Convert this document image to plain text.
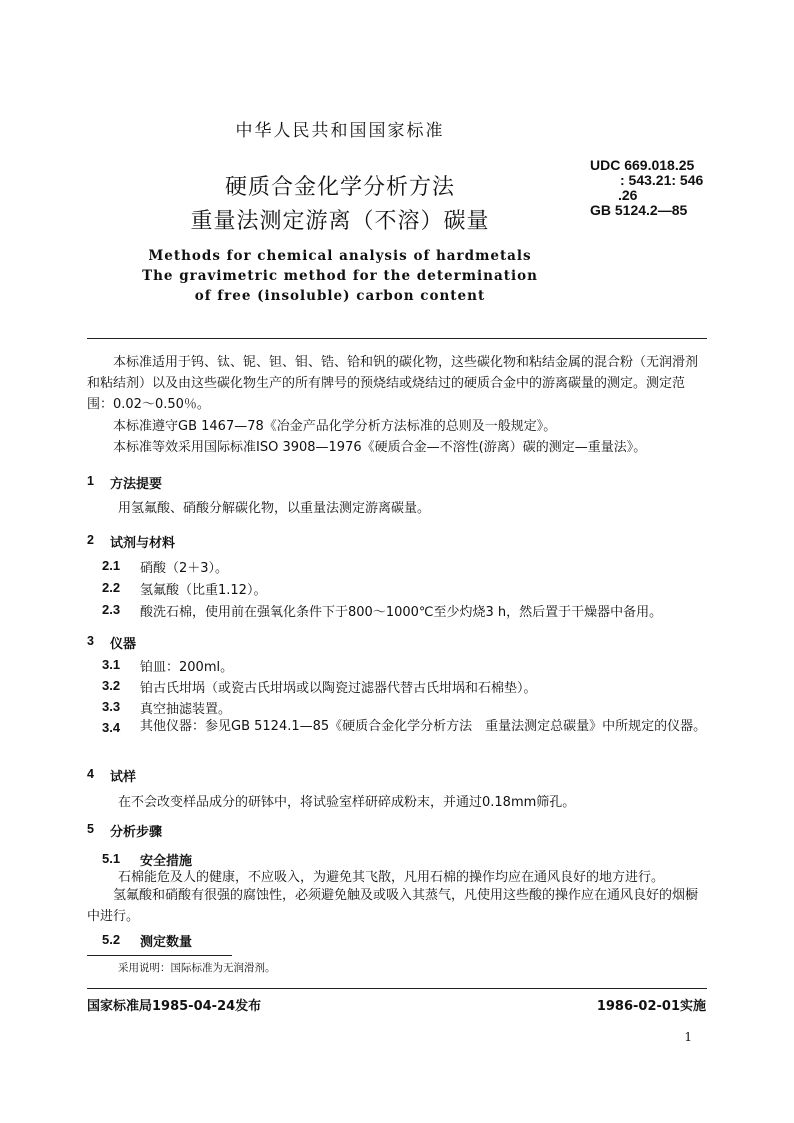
中华人民共和国国家标准
硬质合金化学分析方法
重量法测定游离（不溶）碳量
UDC 669.018.25
: 543.21: 546
.26
GB 5124.2—85
Methods for chemical analysis of hardmetals
The gravimetric method for the determination
of free (insoluble) carbon content
本标准适用于钨、钛、铌、钽、钼、锆、铪和钒的碳化物，这些碳化物和粘结金属的混合粉（无润滑剂和粘结剂）以及由这些碳化物生产的所有牌号的预烧结或烧结过的硬质合金中的游离碳量的测定。测定范围：0.02～0.50％。
本标准遵守GB 1467—78《冶金产品化学分析方法标准的总则及一般规定》。
本标准等效采用国际标准ISO 3908—1976《硬质合金—不溶性(游离）碳的测定—重量法》。
1 方法提要
用氢氟酸、硝酸分解碳化物，以重量法测定游离碳量。
2 试剂与材料
2.1 硝酸（2＋3）。
2.2 氢氟酸（比重1.12）。
2.3 酸洗石棉，使用前在强氧化条件下于800～1000℃至少灼烧3 h，然后置于干燥器中备用。
3 仪器
3.1 铂皿：200ml。
3.2 铂古氏坩埚（或瓷古氏坩埚或以陶瓷过滤器代替古氏坩埚和石棉垫）。
3.3 真空抽滤装置。
3.4	其他仪器：参见GB 5124.1—85《硬质合金化学分析方法　重量法测定总碳量》中所规定的仪器。
4 试样
在不会改变样品成分的研钵中，将试验室样研碎成粉末，并通过0.18mm筛孔。
5 分析步骤
5.1 安全措施
石棉能危及人的健康，不应吸入，为避免其飞散，凡用石棉的操作均应在通风良好的地方进行。
氢氟酸和硝酸有很强的腐蚀性，必须避免触及或吸入其蒸气，凡使用这些酸的操作应在通风良好的烟橱中进行。
5.2 测定数量
采用说明：国际标准为无润滑剂。
国家标准局1985-04-24发布	1986-02-01实施
1
